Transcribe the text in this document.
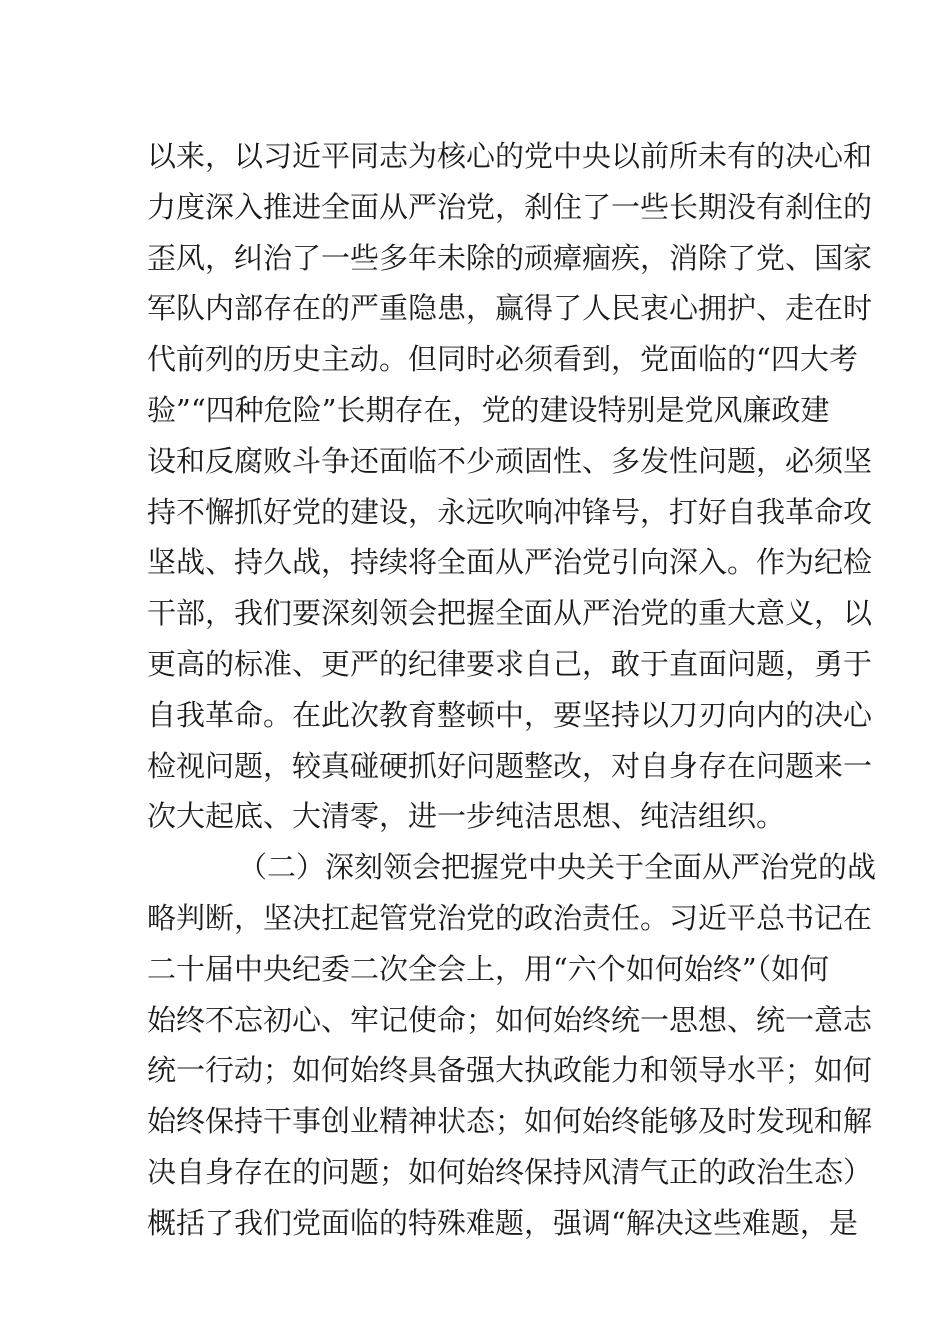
以来，以习近平同志为核心的党中央以前所未有的决心和
力度深入推进全面从严治党，刹住了一些长期没有刹住的
歪风，纠治了一些多年未除的顽瘴痼疾，消除了党、国家
军队内部存在的严重隐患，赢得了人民衷心拥护、走在时
代前列的历史主动。但同时必须看到，党面临的“四大考
验”“四种危险”长期存在，党的建设特别是党风廉政建
设和反腐败斗争还面临不少顽固性、多发性问题，必须坚
持不懈抓好党的建设，永远吹响冲锋号，打好自我革命攻
坚战、持久战，持续将全面从严治党引向深入。作为纪检
干部，我们要深刻领会把握全面从严治党的重大意义，以
更高的标准、更严的纪律要求自己，敢于直面问题，勇于
自我革命。在此次教育整顿中，要坚持以刀刃向内的决心
检视问题，较真碰硬抓好问题整改，对自身存在问题来一
次大起底、大清零，进一步纯洁思想、纯洁组织。
（二）深刻领会把握党中央关于全面从严治党的战
略判断，坚决扛起管党治党的政治责任。习近平总书记在
二十届中央纪委二次全会上，用“六个如何始终”（如何
始终不忘初心、牢记使命；如何始终统一思想、统一意志
统一行动；如何始终具备强大执政能力和领导水平；如何
始终保持干事创业精神状态；如何始终能够及时发现和解
决自身存在的问题；如何始终保持风清气正的政治生态）
概括了我们党面临的特殊难题，强调“解决这些难题，是
